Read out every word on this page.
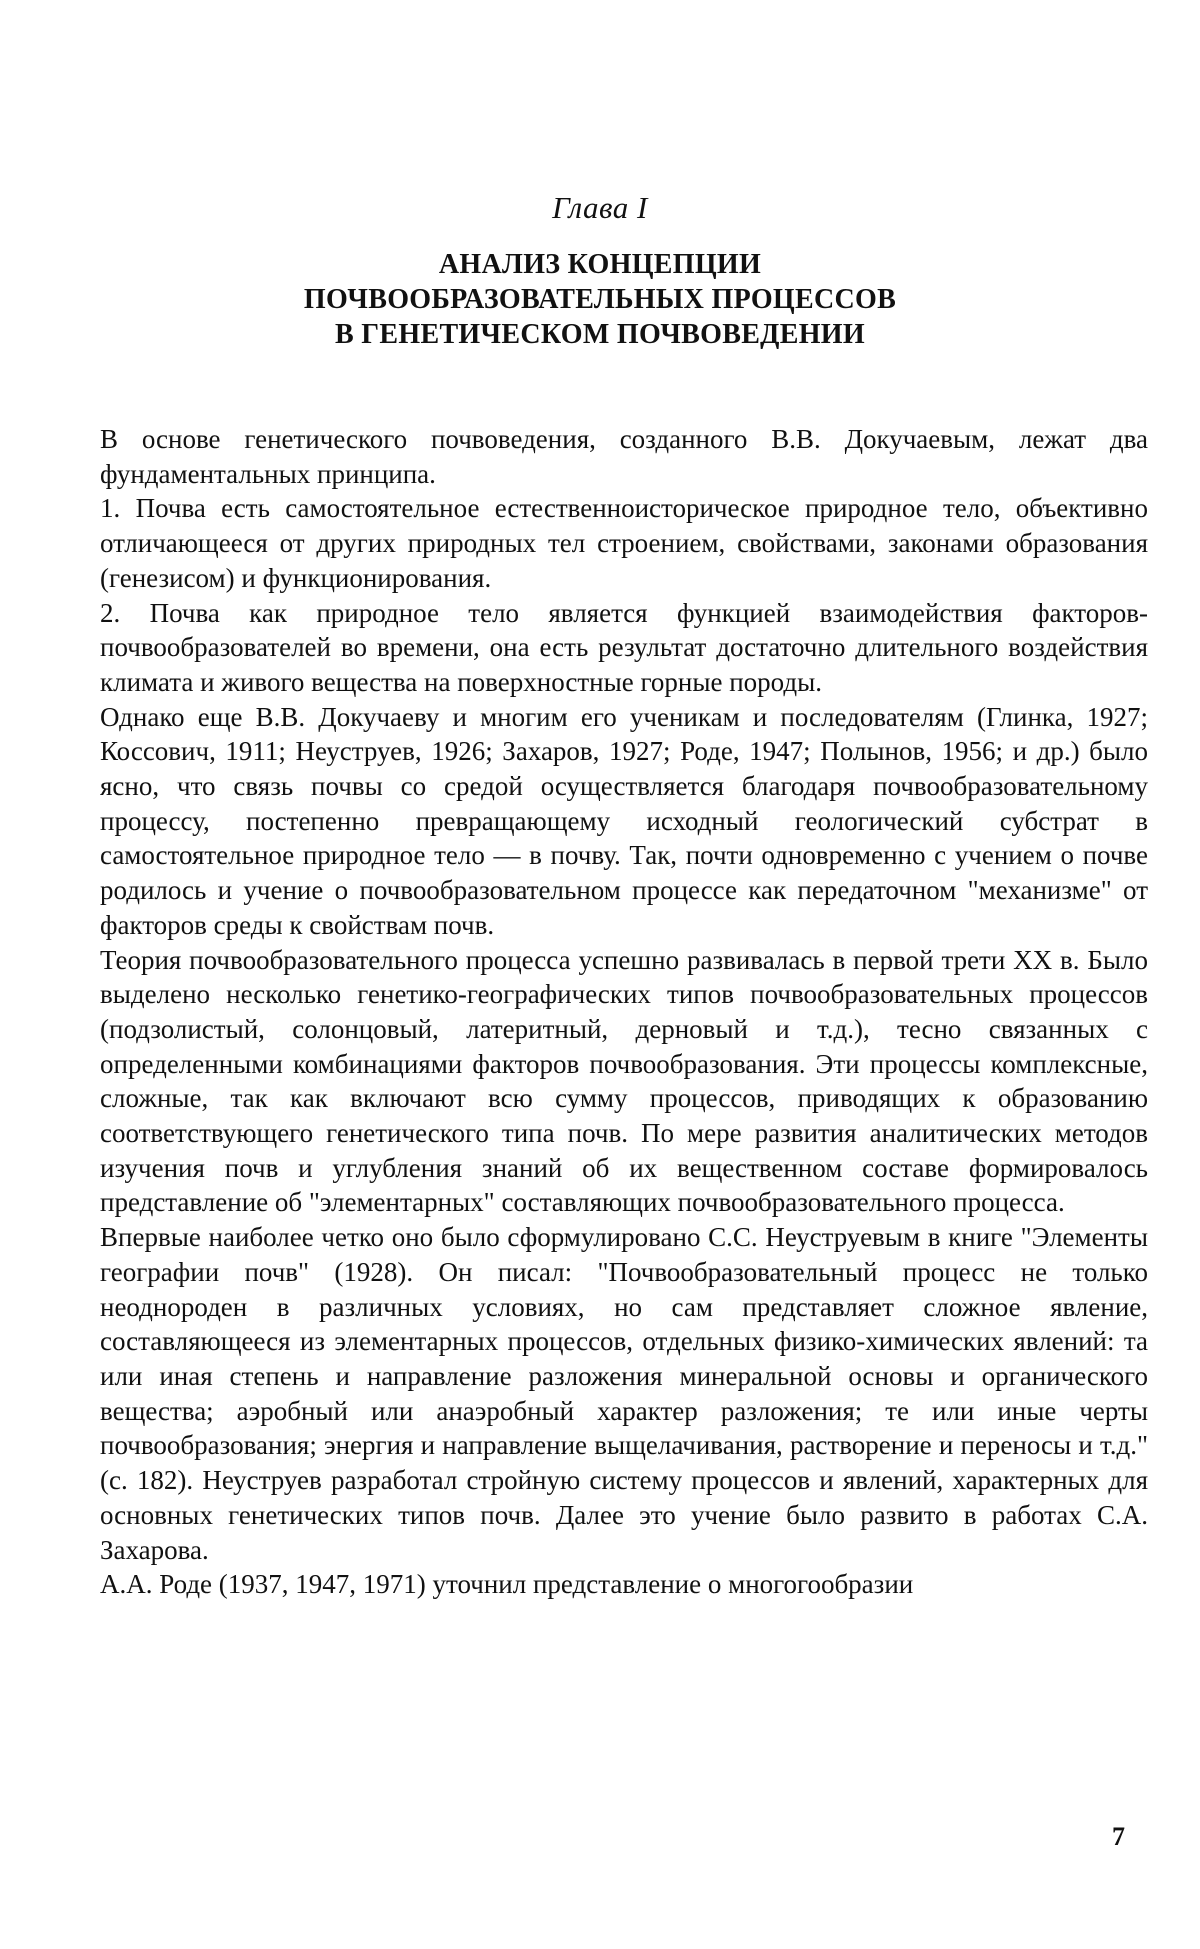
Глава I
АНАЛИЗ КОНЦЕПЦИИ
ПОЧВООБРАЗОВАТЕЛЬНЫХ ПРОЦЕССОВ
В ГЕНЕТИЧЕСКОМ ПОЧВОВЕДЕНИИ

В основе генетического почвоведения, созданного В.В. Докучаевым, лежат два фундаментальных принципа.

1. Почва есть самостоятельное естественноисторическое природное тело, объективно отличающееся от других природных тел строением, свойствами, законами образования (генезисом) и функционирования.

2. Почва как природное тело является функцией взаимодействия факторов-почвообразователей во времени, она есть результат достаточно длительного воздействия климата и живого вещества на поверхностные горные породы.

Однако еще В.В. Докучаеву и многим его ученикам и последователям (Глинка, 1927; Коссович, 1911; Неуструев, 1926; Захаров, 1927; Роде, 1947; Полынов, 1956; и др.) было ясно, что связь почвы со средой осуществляется благодаря почвообразовательному процессу, постепенно превращающему исходный геологический субстрат в самостоятельное природное тело — в почву. Так, почти одновременно с учением о почве родилось и учение о почвообразовательном процессе как передаточном "механизме" от факторов среды к свойствам почв.

Теория почвообразовательного процесса успешно развивалась в первой трети XX в. Было выделено несколько генетико-географических типов почвообразовательных процессов (подзолистый, солонцовый, латеритный, дерновый и т.д.), тесно связанных с определенными комбинациями факторов почвообразования. Эти процессы комплексные, сложные, так как включают всю сумму процессов, приводящих к образованию соответствующего генетического типа почв. По мере развития аналитических методов изучения почв и углубления знаний об их вещественном составе формировалось представление об "элементарных" составляющих почвообразовательного процесса.

Впервые наиболее четко оно было сформулировано С.С. Неуструевым в книге "Элементы географии почв" (1928). Он писал: "Почвообразовательный процесс не только неоднороден в различных условиях, но сам представляет сложное явление, составляющееся из элементарных процессов, отдельных физико-химических явлений: та или иная степень и направление разложения минеральной основы и органического вещества; аэробный или анаэробный характер разложения; те или иные черты почвообразования; энергия и направление выщелачивания, растворение и переносы и т.д." (с. 182). Неуструев разработал стройную систему процессов и явлений, характерных для основных генетических типов почв. Далее это учение было развито в работах С.А. Захарова.

А.А. Роде (1937, 1947, 1971) уточнил представление о многогообразии

7
